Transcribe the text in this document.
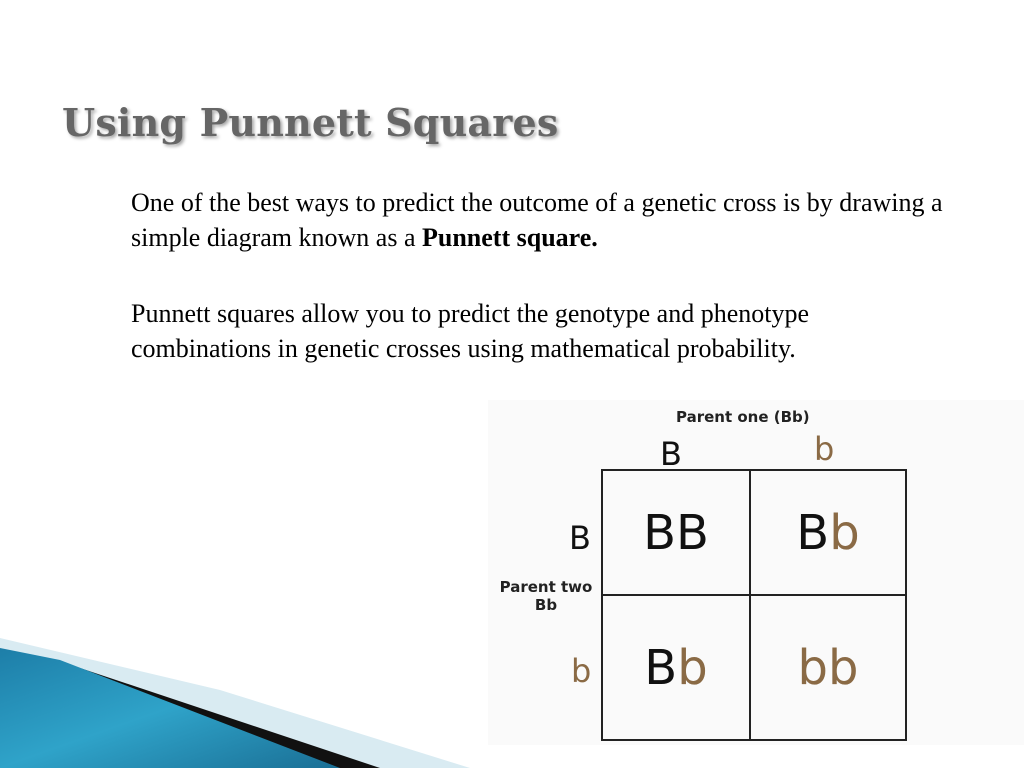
Using Punnett Squares
One of the best ways to predict the outcome of a genetic cross is by drawing a simple diagram known as a Punnett square.
Punnett squares allow you to predict the genotype and phenotype combinations in genetic crosses using mathematical probability.
Parent one (Bb)
B	b
B
b
Parent two
Bb
B B B b
B b b b
